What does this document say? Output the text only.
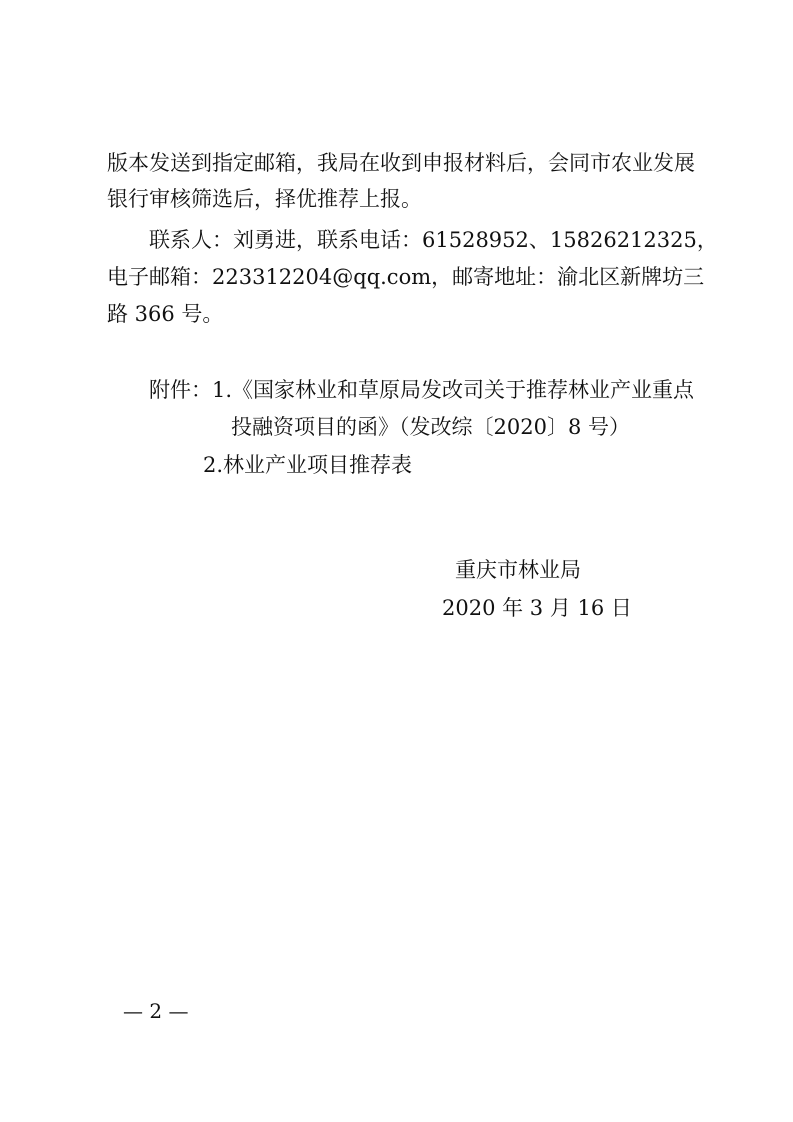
版本发送到指定邮箱，我局在收到申报材料后，会同市农业发展
银行审核筛选后，择优推荐上报。
联系人：刘勇进，联系电话：61528952、15826212325，
电子邮箱：223312204@qq.com，邮寄地址：渝北区新牌坊三
路 366 号。
附件：1.《国家林业和草原局发改司关于推荐林业产业重点
投融资项目的函》（发改综〔2020〕8 号）
2.林业产业项目推荐表
重庆市林业局
2020 年 3 月 16 日
— 2 —
